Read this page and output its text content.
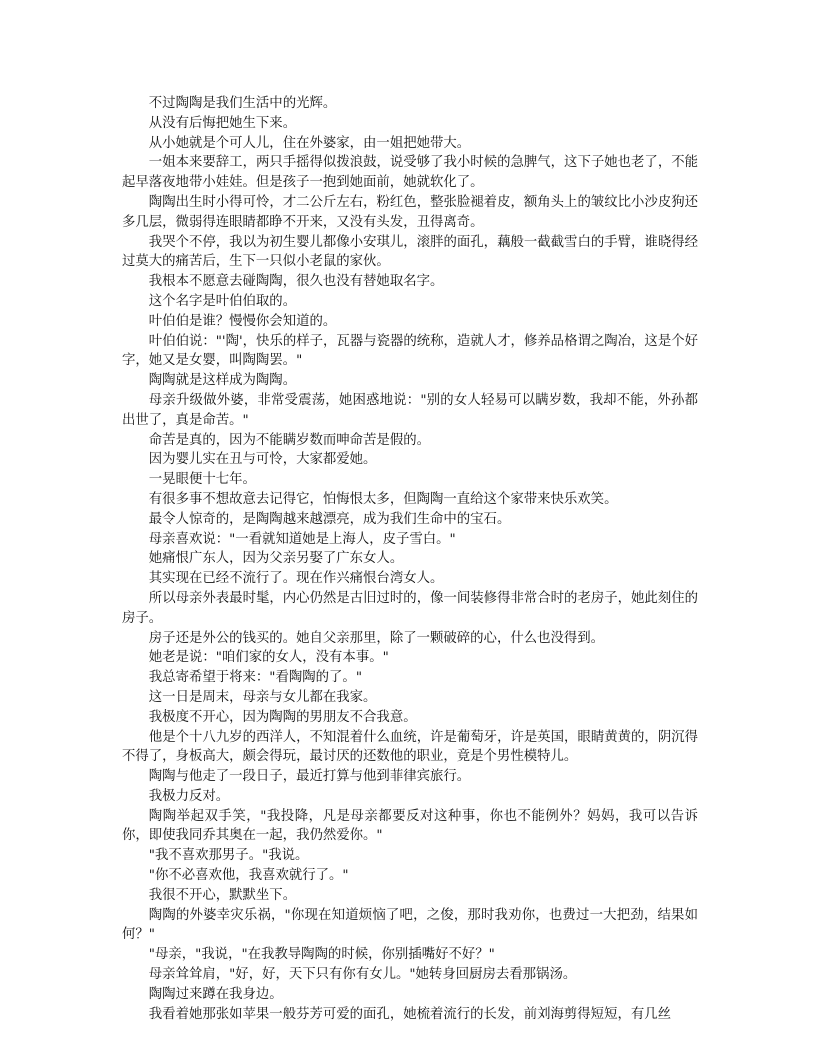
不过陶陶是我们生活中的光辉。

从没有后悔把她生下来。

从小她就是个可人儿，住在外婆家，由一姐把她带大。

一姐本来要辞工，两只手摇得似拨浪鼓，说受够了我小时候的急脾气，这下子她也老了，不能起早落夜地带小娃娃。但是孩子一抱到她面前，她就软化了。

陶陶出生时小得可怜，才二公斤左右，粉红色，整张脸褪着皮，额角头上的皱纹比小沙皮狗还多几层，微弱得连眼睛都睁不开来，又没有头发，丑得离奇。

我哭个不停，我以为初生婴儿都像小安琪儿，滚胖的面孔，藕般一截截雪白的手臂，谁晓得经过莫大的痛苦后，生下一只似小老鼠的家伙。

我根本不愿意去碰陶陶，很久也没有替她取名字。

这个名字是叶伯伯取的。

叶伯伯是谁？慢慢你会知道的。

叶伯伯说："'陶'，快乐的样子，瓦器与瓷器的统称，造就人才，修养品格谓之陶冶，这是个好字，她又是女婴，叫陶陶罢。"

陶陶就是这样成为陶陶。

母亲升级做外婆，非常受震荡，她困惑地说："别的女人轻易可以瞒岁数，我却不能，外孙都出世了，真是命苦。"

命苦是真的，因为不能瞒岁数而呻命苦是假的。

因为婴儿实在丑与可怜，大家都爱她。

一晃眼便十七年。

有很多事不想故意去记得它，怕悔恨太多，但陶陶一直给这个家带来快乐欢笑。

最令人惊奇的，是陶陶越来越漂亮，成为我们生命中的宝石。

母亲喜欢说："一看就知道她是上海人，皮子雪白。"

她痛恨广东人，因为父亲另娶了广东女人。

其实现在已经不流行了。现在作兴痛恨台湾女人。

所以母亲外表最时髦，内心仍然是古旧过时的，像一间装修得非常合时的老房子，她此刻住的房子。

房子还是外公的钱买的。她自父亲那里，除了一颗破碎的心，什么也没得到。

她老是说："咱们家的女人，没有本事。"

我总寄希望于将来："看陶陶的了。"

这一日是周末，母亲与女儿都在我家。

我极度不开心，因为陶陶的男朋友不合我意。

他是个十八九岁的西洋人，不知混着什么血统，许是葡萄牙，许是英国，眼睛黄黄的，阴沉得不得了，身板高大，颇会得玩，最讨厌的还数他的职业，竟是个男性模特儿。

陶陶与他走了一段日子，最近打算与他到菲律宾旅行。

我极力反对。

陶陶举起双手笑，"我投降，凡是母亲都要反对这种事，你也不能例外？妈妈，我可以告诉你，即使我同乔其奥在一起，我仍然爱你。"

"我不喜欢那男子。"我说。

"你不必喜欢他，我喜欢就行了。"

我很不开心，默默坐下。

陶陶的外婆幸灾乐祸，"你现在知道烦恼了吧，之俊，那时我劝你，也费过一大把劲，结果如何？"

"母亲，"我说，"在我教导陶陶的时候，你别插嘴好不好？"

母亲耸耸肩，"好，好，天下只有你有女儿。"她转身回厨房去看那锅汤。

陶陶过来蹲在我身边。

我看着她那张如苹果一般芬芳可爱的面孔，她梳着流行的长发，前刘海剪得短短，有几丝
